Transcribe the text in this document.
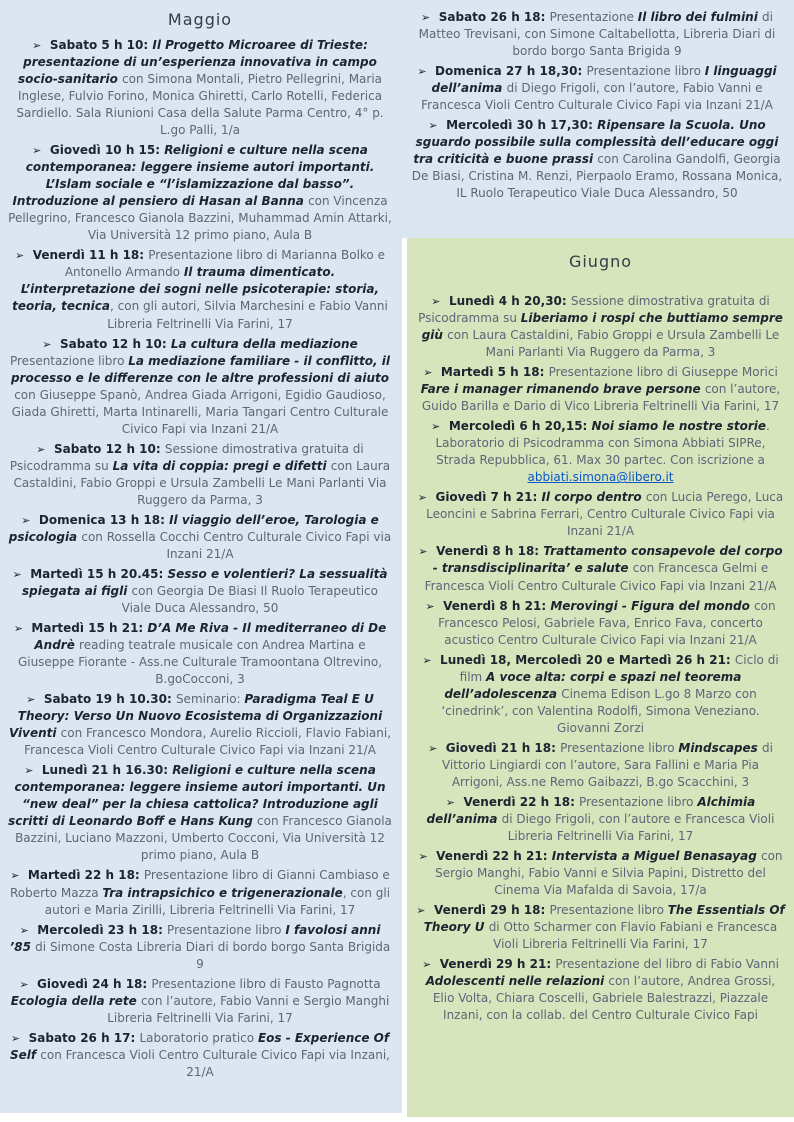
Maggio

➢ Sabato 5 h 10: Il Progetto Microaree di Trieste: presentazione di un’esperienza innovativa in campo socio-sanitario con Simona Montali, Pietro Pellegrini, Maria Inglese, Fulvio Forino, Monica Ghiretti, Carlo Rotelli, Federica Sardiello. Sala Riunioni Casa della Salute Parma Centro, 4° p. L.go Palli, 1/a

➢ Giovedì 10 h 15: Religioni e culture nella scena contemporanea: leggere insieme autori importanti. L’Islam sociale e “l’islamizzazione dal basso”. Introduzione al pensiero di Hasan al Banna con Vincenza Pellegrino, Francesco Gianola Bazzini, Muhammad Amin Attarki, Via Università 12 primo piano, Aula B

➢ Venerdì 11 h 18: Presentazione libro di Marianna Bolko e Antonello Armando Il trauma dimenticato. L’interpretazione dei sogni nelle psicoterapie: storia, teoria, tecnica, con gli autori, Silvia Marchesini e Fabio Vanni Libreria Feltrinelli Via Farini, 17

➢ Sabato 12 h 10: La cultura della mediazione Presentazione libro La mediazione familiare - il conflitto, il processo e le differenze con le altre professioni di aiuto con Giuseppe Spanò, Andrea Giada Arrigoni, Egidio Gaudioso, Giada Ghiretti, Marta Intinarelli, Maria Tangari Centro Culturale Civico Fapi via Inzani 21/A

➢ Sabato 12 h 10: Sessione dimostrativa gratuita di Psicodramma su La vita di coppia: pregi e difetti con Laura Castaldini, Fabio Groppi e Ursula Zambelli Le Mani Parlanti Via Ruggero da Parma, 3

➢ Domenica 13 h 18: Il viaggio dell’eroe, Tarologia e psicologia con Rossella Cocchi Centro Culturale Civico Fapi via Inzani 21/A

➢ Martedì 15 h 20.45: Sesso e volentieri? La sessualità spiegata ai figli con Georgia De Biasi Il Ruolo Terapeutico Viale Duca Alessandro, 50

➢ Martedì 15 h 21: D’A Me Riva - Il mediterraneo di De Andrè reading teatrale musicale con Andrea Martina e Giuseppe Fiorante - Ass.ne Culturale Tramoontana Oltrevino, B.goCocconi, 3

➢ Sabato 19 h 10.30: Seminario: Paradigma Teal E U Theory: Verso Un Nuovo Ecosistema di Organizzazioni Viventi con Francesco Mondora, Aurelio Riccioli, Flavio Fabiani, Francesca Violi Centro Culturale Civico Fapi via Inzani 21/A

➢ Lunedì 21 h 16.30: Religioni e culture nella scena contemporanea: leggere insieme autori importanti. Un “new deal” per la chiesa cattolica? Introduzione agli scritti di Leonardo Boff e Hans Kung con Francesco Gianola Bazzini, Luciano Mazzoni, Umberto Cocconi, Via Università 12 primo piano, Aula B

➢ Martedì 22 h 18: Presentazione libro di Gianni Cambiaso e Roberto Mazza Tra intrapsichico e trigenerazionale, con gli autori e Maria Zirilli, Libreria Feltrinelli Via Farini, 17

➢ Mercoledì 23 h 18: Presentazione libro I favolosi anni ’85 di Simone Costa Libreria Diari di bordo borgo Santa Brigida 9

➢ Giovedì 24 h 18: Presentazione libro di Fausto Pagnotta Ecologia della rete con l’autore, Fabio Vanni e Sergio Manghi Libreria Feltrinelli Via Farini, 17

➢ Sabato 26 h 17: Laboratorio pratico Eos - Experience Of Self con Francesca Violi Centro Culturale Civico Fapi via Inzani, 21/A

➢ Sabato 26 h 18: Presentazione Il libro dei fulmini di Matteo Trevisani, con Simone Caltabellotta, Libreria Diari di bordo borgo Santa Brigida 9

➢ Domenica 27 h 18,30: Presentazione libro I linguaggi dell’anima di Diego Frigoli, con l’autore, Fabio Vanni e Francesca Violi Centro Culturale Civico Fapi via Inzani 21/A

➢ Mercoledì 30 h 17,30: Ripensare la Scuola. Uno sguardo possibile sulla complessità dell’educare oggi tra criticità e buone prassi con Carolina Gandolfi, Georgia De Biasi, Cristina M. Renzi, Pierpaolo Eramo, Rossana Monica, IL Ruolo Terapeutico Viale Duca Alessandro, 50

Giugno

➢ Lunedì 4 h 20,30: Sessione dimostrativa gratuita di Psicodramma su Liberiamo i rospi che buttiamo sempre giù con Laura Castaldini, Fabio Groppi e Ursula Zambelli Le Mani Parlanti Via Ruggero da Parma, 3

➢ Martedì 5 h 18: Presentazione libro di Giuseppe Morici Fare i manager rimanendo brave persone con l’autore, Guido Barilla e Dario di Vico Libreria Feltrinelli Via Farini, 17

➢ Mercoledì 6 h 20,15: Noi siamo le nostre storie. Laboratorio di Psicodramma con Simona Abbiati SIPRe, Strada Repubblica, 61. Max 30 partec. Con iscrizione a abbiati.simona@libero.it

➢ Giovedì 7 h 21: Il corpo dentro con Lucia Perego, Luca Leoncini e Sabrina Ferrari, Centro Culturale Civico Fapi via Inzani 21/A

➢ Venerdì 8 h 18: Trattamento consapevole del corpo - transdisciplinarita’ e salute con Francesca Gelmi e Francesca Violi Centro Culturale Civico Fapi via Inzani 21/A

➢ Venerdì 8 h 21: Merovingi - Figura del mondo con Francesco Pelosi, Gabriele Fava, Enrico Fava, concerto acustico Centro Culturale Civico Fapi via Inzani 21/A

➢ Lunedì 18, Mercoledì 20 e Martedì 26 h 21: Ciclo di film A voce alta: corpi e spazi nel teorema dell’adolescenza Cinema Edison L.go 8 Marzo con ‘cinedrink’, con Valentina Rodolfi, Simona Veneziano. Giovanni Zorzi

➢ Giovedì 21 h 18: Presentazione libro Mindscapes di Vittorio Lingiardi con l’autore, Sara Fallini e Maria Pia Arrigoni, Ass.ne Remo Gaibazzi, B.go Scacchini, 3

➢ Venerdì 22 h 18: Presentazione libro Alchimia dell’anima di Diego Frigoli, con l’autore e Francesca Violi Libreria Feltrinelli Via Farini, 17

➢ Venerdì 22 h 21: Intervista a Miguel Benasayag con Sergio Manghi, Fabio Vanni e Silvia Papini, Distretto del Cinema Via Mafalda di Savoia, 17/a

➢ Venerdì 29 h 18: Presentazione libro The Essentials Of Theory U di Otto Scharmer con Flavio Fabiani e Francesca Violi Libreria Feltrinelli Via Farini, 17

➢ Venerdì 29 h 21: Presentazione del libro di Fabio Vanni Adolescenti nelle relazioni con l’autore, Andrea Grossi, Elio Volta, Chiara Coscelli, Gabriele Balestrazzi, Piazzale Inzani, con la collab. del Centro Culturale Civico Fapi
